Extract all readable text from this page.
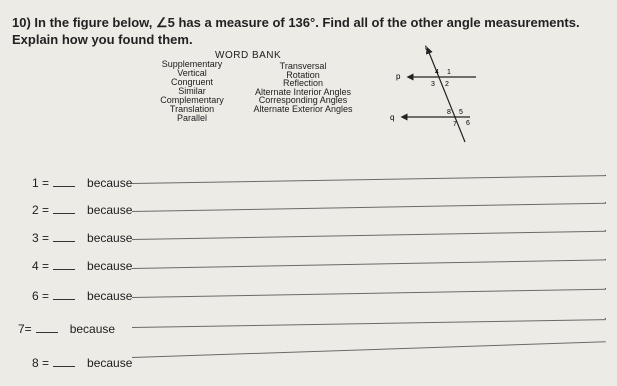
10) In the figure below, ∠5 has a measure of 136°. Find all of the other angle measurements. Explain how you found them.
WORD BANK
Supplementary
Vertical
Congruent
Similar
Complementary
Translation
Parallel
Transversal
Rotation
Reflection
Alternate Interior Angles
Corresponding Angles
Alternate Exterior Angles
t
p
q
4 1
3 2
8 5
7 6
1 =	because
.
2 =	because
.
3 =	because
.
4 =	because
.
6 =	because
.
7=	because
.
8 =	because
